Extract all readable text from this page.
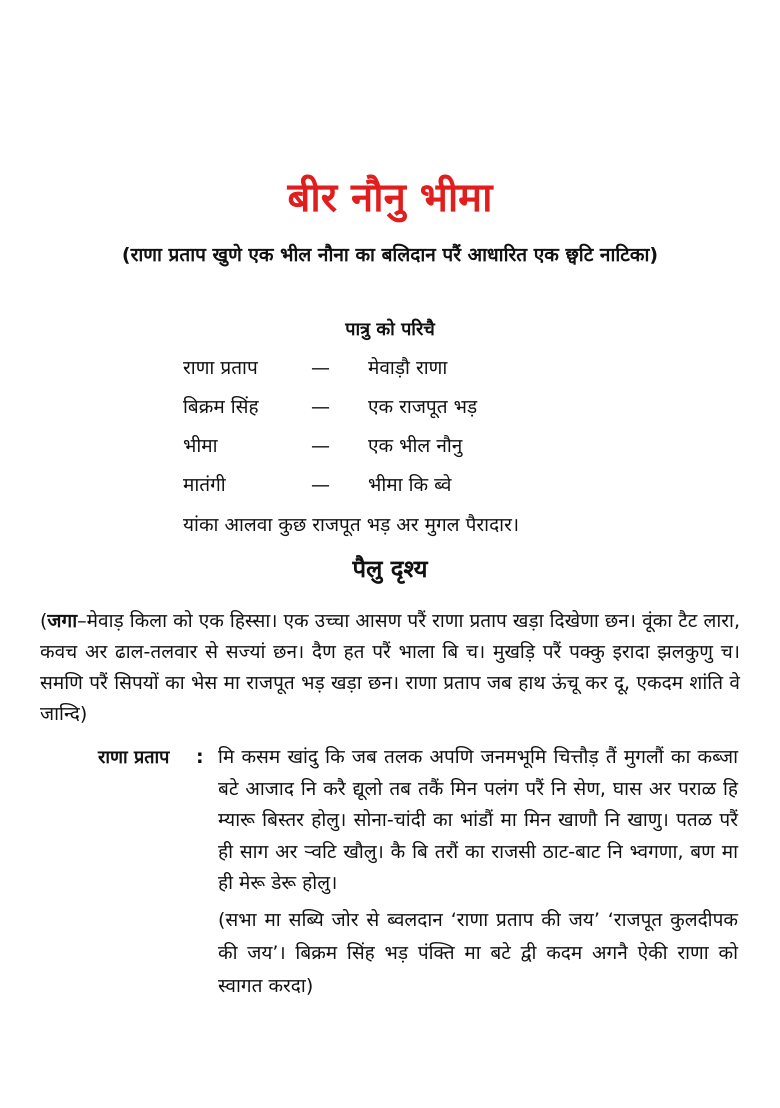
बीर नौनु भीमा
(राणा प्रताप खुणे एक भील नौना का बलिदान परैं आधारित एक छ्वटि नाटिका)
पात्रु को परिचै
राणा प्रताप	— मेवाड़ौ राणा
बिक्रम सिंह	— एक राजपूत भड़
भीमा	— एक भील नौनु
मातंगी	— भीमा कि ब्वे
यांका आलवा कुछ राजपूत भड़ अर मुगल पैरादार।
पैलु दृश्य
(जगा–मेवाड़ किला को एक हिस्सा। एक उच्चा आसण परैं राणा प्रताप खड़ा दिखेणा छन। वूंका टैट लारा, कवच अर ढाल-तलवार से सज्यां छन। दैण हत परैं भाला बि च। मुखड़ि परैं पक्कु इरादा झलकुणु च। समणि परैं सिपयों का भेस मा राजपूत भड़ खड़ा छन। राणा प्रताप जब हाथ ऊंचू कर दू, एकदम शांति वे जान्दि)
राणा प्रताप	: मि कसम खांदु कि जब तलक अपणि जनमभूमि चित्तौड़ तैं मुगलौं का कब्जा बटे आजाद नि करै द्यूलो तब तकैं मिन पलंग परैं नि सेण, घास अर पराळ हि म्यारू बिस्तर होलु। सोना-चांदी का भांडौं मा मिन खाणौ नि खाणु। पतळ परैं ही साग अर र्‍वटि खौलु। कै बि तरौं का राजसी ठाट-बाट नि भ्वगणा, बण मा ही मेरू डेरू होलु।
(सभा मा सब्यि जोर से ब्वलदान ‘राणा प्रताप की जय’ ‘राजपूत कुलदीपक की जय’। बिक्रम सिंह भड़ पंक्ति मा बटे द्वी कदम अगनै ऐकी राणा को स्वागत करदा)
